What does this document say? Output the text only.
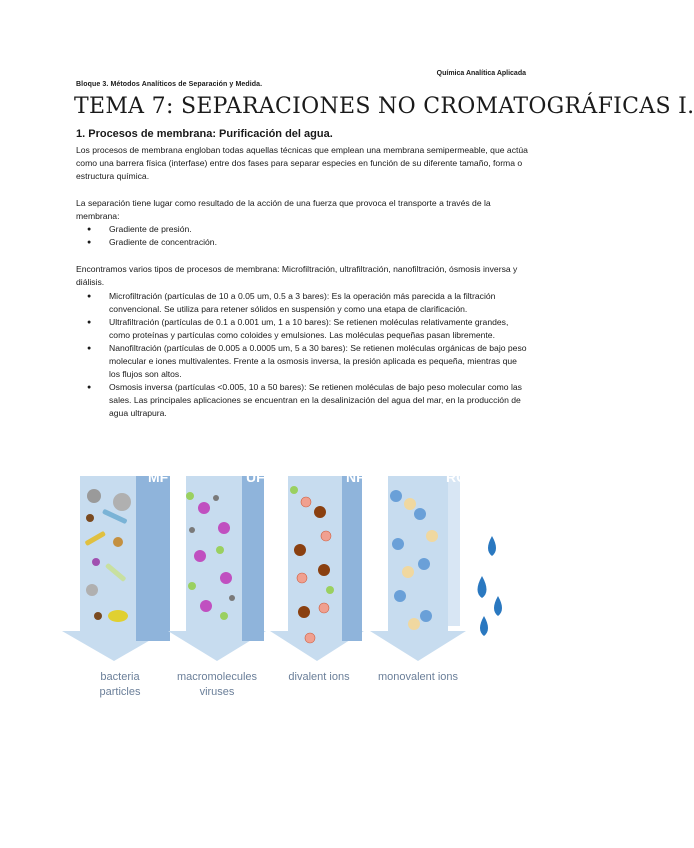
Química Analítica Aplicada
Bloque 3. Métodos Analíticos de Separación y Medida.
TEMA 7: SEPARACIONES NO CROMATOGRÁFICAS I.
1. Procesos de membrana: Purificación del agua.
Los procesos de membrana engloban todas aquellas técnicas que emplean una membrana semipermeable, que actúa como una barrera física (interfase) entre dos fases para separar especies en función de su diferente tamaño, forma o estructura química.
La separación tiene lugar como resultado de la acción de una fuerza que provoca el transporte a través de la membrana:
● Gradiente de presión.
● Gradiente de concentración.
Encontramos varios tipos de procesos de membrana: Microfiltración, ultrafiltración, nanofiltración, ósmosis inversa y diálisis.
● Microfiltración (partículas de 10 a 0.05 um, 0.5 a 3 bares): Es la operación más parecida a la filtración convencional. Se utiliza para retener sólidos en suspensión y como una etapa de clarificación.
● Ultrafiltración (partículas de 0.1 a 0.001 um, 1 a 10 bares): Se retienen moléculas relativamente grandes, como proteínas y partículas como coloides y emulsiones. Las moléculas pequeñas pasan libremente.
● Nanofiltración (partículas de 0.005 a 0.0005 um, 5 a 30 bares): Se retienen moléculas orgánicas de bajo peso molecular e iones multivalentes. Frente a la osmosis inversa, la presión aplicada es pequeña, mientras que los flujos son altos.
● Osmosis inversa (partículas <0.005, 10 a 50 bares): Se retienen moléculas de bajo peso molecular como las sales. Las principales aplicaciones se encuentran en la desalinización del agua del mar, en la producción de agua ultrapura.
MF	UF	NF	RO
bacteria
particles
macromolecules
viruses
divalent ions	monovalent ions
